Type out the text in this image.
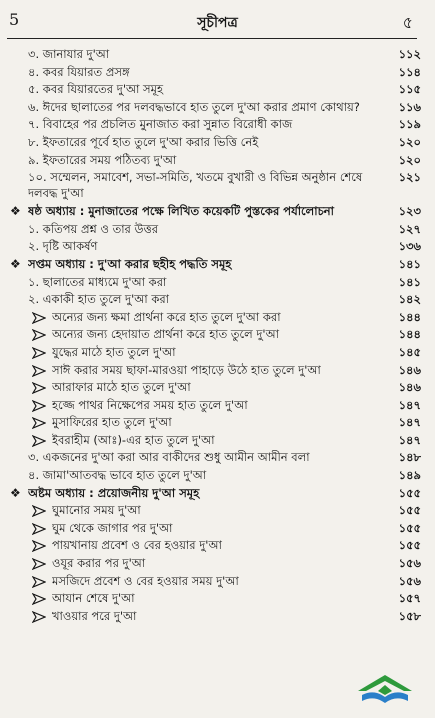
5	সূচীপত্র	৫
৩. জানাযার দু'আ	১১২
৪. কবর যিয়ারত প্রসঙ্গ	১১৪
৫. কবর যিয়ারতের দু'আ সমূহ	১১৫
৬. ঈদের ছালাতের পর দলবদ্ধভাবে হাত তুলে দু'আ করার প্রমাণ কোথায়?	১১৬
৭. বিবাহের পর প্রচলিত মুনাজাত করা সুন্নাত বিরোধী কাজ	১১৯
৮. ইফতারের পূর্বে হাত তুলে দু'আ করার ভিত্তি নেই	১২০
৯. ইফতারের সময় পঠিতব্য দু'আ	১২০
১০. সম্মেলন, সমাবেশ, সভা-সমিতি, খতমে বুখারী ও বিভিন্ন অনুষ্ঠান শেষে দলবদ্ধ দু'আ
১২১
❖ ষষ্ঠ অধ্যায় : মুনাজাতের পক্ষে লিখিত কয়েকটি পুস্তকের পর্যালোচনা	১২৩
১. কতিপয় প্রশ্ন ও তার উত্তর	১২৭
২. দৃষ্টি আকর্ষণ	১৩৬
❖ সপ্তম অধ্যায় : দু'আ করার ছহীহ পদ্ধতি সমূহ	১৪১
১. ছালাতের মাধ্যমে দু'আ করা	১৪১
২. একাকী হাত তুলে দু'আ করা	১৪২
অন্যের জন্য ক্ষমা প্রার্থনা করে হাত তুলে দু'আ করা	১৪৪
অন্যের জন্য হেদায়াত প্রার্থনা করে হাত তুলে দু'আ	১৪৪
যুদ্ধের মাঠে হাত তুলে দু'আ	১৪৫
সাঈ করার সময় ছাফা-মারওয়া পাহাড়ে উঠে হাত তুলে দু'আ	১৪৬
আরাফার মাঠে হাত তুলে দু'আ	১৪৬
হজ্জে পাথর নিক্ষেপের সময় হাত তুলে দু'আ	১৪৭
মুসাফিরের হাত তুলে দু'আ	১৪৭
ইবরাহীম (আঃ)-এর হাত তুলে দু'আ	১৪৭
৩. একজনের দু'আ করা আর বাকীদের শুধু আমীন আমীন বলা	১৪৮
৪. জামা'আতবদ্ধ ভাবে হাত তুলে দু'আ	১৪৯
❖ অষ্টম অধ্যায় : প্রয়োজনীয় দু'আ সমূহ	১৫৫
ঘুমানোর সময় দু'আ	১৫৫
ঘুম থেকে জাগার পর দু'আ	১৫৫
পায়খানায় প্রবেশ ও বের হওয়ার দু'আ	১৫৫
ওযূর করার পর দু'আ	১৫৬
মসজিদে প্রবেশ ও বের হওয়ার সময় দু'আ	১৫৬
আযান শেষে দু'আ	১৫৭
খাওয়ার পরে দু'আ	১৫৮
